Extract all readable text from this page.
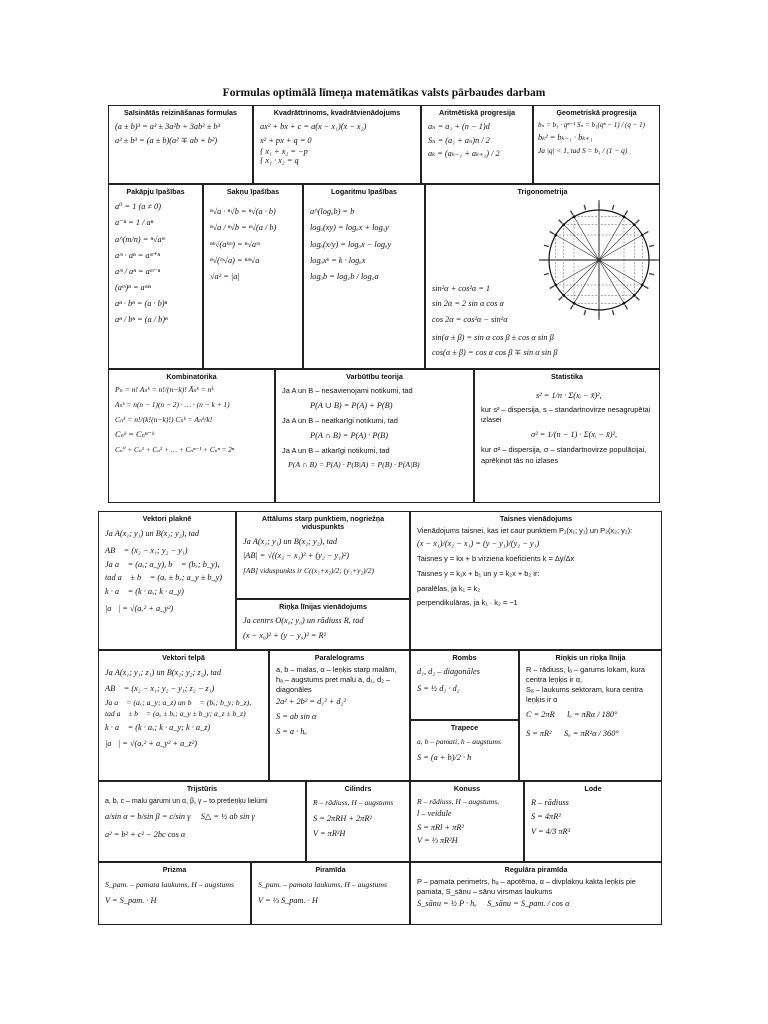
Formulas optimālā līmeņa matemātikas valsts pārbaudes darbam
Saīsinātās reizināšanas formulas
(a ± b)³ = a³ ± 3a²b + 3ab² ± b³
a³ ± b³ = (a ± b)(a² ∓ ab + b²)
Kvadrāttrinoms, kvadrātvienādojums
ax² + bx + c = a(x − x₁)(x − x₂)
x² + px + q = 0
{ x₁ + x₂ = −p
{ x₁ · x₂ = q
Aritmētiskā progresija
aₙ = a₁ + (n − 1)d
Sₙ = (a₁ + aₙ)n / 2
aₖ = (aₖ₋₁ + aₖ₊₁) / 2
Ģeometriskā progresija
bₙ = b₁ · qⁿ⁻¹ Sₙ = b₁(qⁿ − 1) / (q − 1)
bₖ² = bₖ₋₁ · bₖ₊₁
Ja |q| < 1, tad S = b₁ / (1 − q)
Pakāpju īpašības
a⁰ = 1 (a ≠ 0)
a⁻ⁿ = 1 / aⁿ
a^(m/n) = ⁿ√aᵐ
aᵐ · aⁿ = aᵐ⁺ⁿ
aᵐ / aⁿ = aᵐ⁻ⁿ
(aᵐ)ⁿ = aᵐⁿ
aⁿ · bⁿ = (a · b)ⁿ
aⁿ / bⁿ = (a / b)ⁿ
Sakņu īpašības
ⁿ√a · ⁿ√b = ⁿ√(a · b)
ⁿ√a / ⁿ√b = ⁿ√(a / b)
ⁿᵏ√(aᵏᵐ) = ⁿ√aᵐ
ⁿ√(ᵐ√a) = ⁿᵐ√a
√a² = |a|
Logaritmu īpašības
a^(logₐb) = b
logₐ(xy) = logₐx + logₐy
logₐ(x/y) = logₐx − logₐy
logₐxᵏ = k · logₐx
logₐb = log꜀b / log꜀a
Trigonometrija
sin²α + cos²α = 1
sin 2α = 2 sin α cos α
cos 2α = cos²α − sin²α
sin(α ± β) = sin α cos β ± cos α sin β
cos(α ± β) = cos α cos β ∓ sin α sin β
Kombinatorika
Pₙ = n! Aₙᵏ = n!/(n−k)! Āₙᵏ = nᵏ
Aₙᵏ = n(n − 1)(n − 2) · … · (n − k + 1)
Cₙᵏ = n!/(k!(n−k)!) Cₙᵏ = Aₙᵏ/k!
Cₙᵏ = Cₙⁿ⁻ᵏ
Cₙ⁰ + Cₙ¹ + Cₙ² + … + Cₙⁿ⁻¹ + Cₙⁿ = 2ⁿ
Varbūtību teorija
Ja A un B – nesavienojami notikumi, tad
P(A ∪ B) = P(A) + P(B)
Ja A un B – neatkarīgi notikumi, tad
P(A ∩ B) = P(A) · P(B)
Ja A un B – atkarīgi notikumi, tad
P(A ∩ B) = P(A) · P(B|A) = P(B) · P(A|B)
Statistika
s² = 1/n · Σ(xᵢ − x̄)²,
kur s² – dispersija, s – standartnovirze nesagrupētai izlasei
σ² = 1/(n − 1) · Σ(xᵢ − x̄)²,
kur σ² – dispersija, σ – standartnovirze populācijai, aprēķinot tās no izlases
Vektori plaknē
Ja A(x₁; y₁) un B(x₂; y₂), tad
AB⃗ = (x₂ − x₁; y₂ − y₁)
Ja a⃗ = (aₓ; a_y), b⃗ = (bₓ; b_y),
tad a⃗ ± b⃗ = (aₓ ± bₓ; a_y ± b_y)
k · a⃗ = (k · aₓ; k · a_y)
|a⃗| = √(aₓ² + a_y²)
Attālums starp punktiem, nogriežņa viduspunkts
Ja A(x₁; y₁) un B(x₂; y₂), tad
|AB| = √((x₂ − x₁)² + (y₂ − y₁)²)
[AB] viduspunkts ir C((x₁+x₂)/2; (y₁+y₂)/2)
Riņķa līnijas vienādojums
Ja centrs O(x₀; y₀) un rādiuss R, tad
(x − x₀)² + (y − y₀)² = R²
Taisnes vienādojums
Vienādojums taisnei, kas iet caur punktiem P₁(x₁; y₁) un P₂(x₂; y₂):
(x − x₁)/(x₂ − x₁) = (y − y₁)/(y₂ − y₁)
Taisnes y = kx + b virziena koeficients k = Δy/Δx
Taisnes y = k₁x + b₁ un y = k₂x + b₂ ir:
paralēlas, ja k₁ = k₂
perpendikulāras, ja k₁ · k₂ = −1
Vektori telpā
Ja A(x₁; y₁; z₁) un B(x₂; y₂; z₂), tad
AB⃗ = (x₂ − x₁; y₂ − y₁; z₂ − z₁)
Ja a⃗ = (aₓ; a_y; a_z) un b⃗ = (bₓ; b_y; b_z),
tad a⃗ ± b⃗ = (aₓ ± bₓ; a_y ± b_y; a_z ± b_z)
k · a⃗ = (k · aₓ; k · a_y; k · a_z)
|a⃗| = √(aₓ² + a_y² + a_z²)
Paralelograms
a, b – malas, α – leņķis starp malām, hₐ – augstums pret malu a, d₁, d₂ – diagonāles
2a² + 2b² = d₁² + d₂²
S = ab sin α
S = a · hₐ
Rombs
d₁, d₂ – diagonāles
S = ½ d₁ · d₂
Trapece
a, b – pamati, h – augstums
S = (a + b)/2 · h
Riņķis un riņķa līnija
R – rādiuss, lₐ – garums lokam, kura centra leņķis ir α,
Sₐ – laukums sektoram, kura centra leņķis ir α
C = 2πR      lₐ = πRα / 180°
S = πR²      Sₐ = πR²α / 360°
Trijstūris
a, b, c – malu garumi un α, β, γ – to pretleņķu lielumi
a/sin α = b/sin β = c/sin γ     S△ = ½ ab sin γ
a² = b² + c² − 2bc cos α
Cilindrs
R – rādiuss, H – augstums
S = 2πRH + 2πR²
V = πR²H
Konuss
R – rādiuss, H – augstums,
l – veidule
S = πRl + πR²
V = ⅓ πR²H
Lode
R – rādiuss
S = 4πR²
V = 4/3 πR³
Prizma
S_pam. – pamata laukums, H – augstums
V = S_pam. · H
Piramīda
S_pam. – pamata laukums, H – augstums
V = ⅓ S_pam. · H
Regulāra piramīda
P – pamata perimetrs, hₐ – apotēma, α – divplakņu kakta leņķis pie pamata, S_sānu – sānu virsmas laukums
S_sānu = ½ P · hₐ     S_sānu = S_pam. / cos α
